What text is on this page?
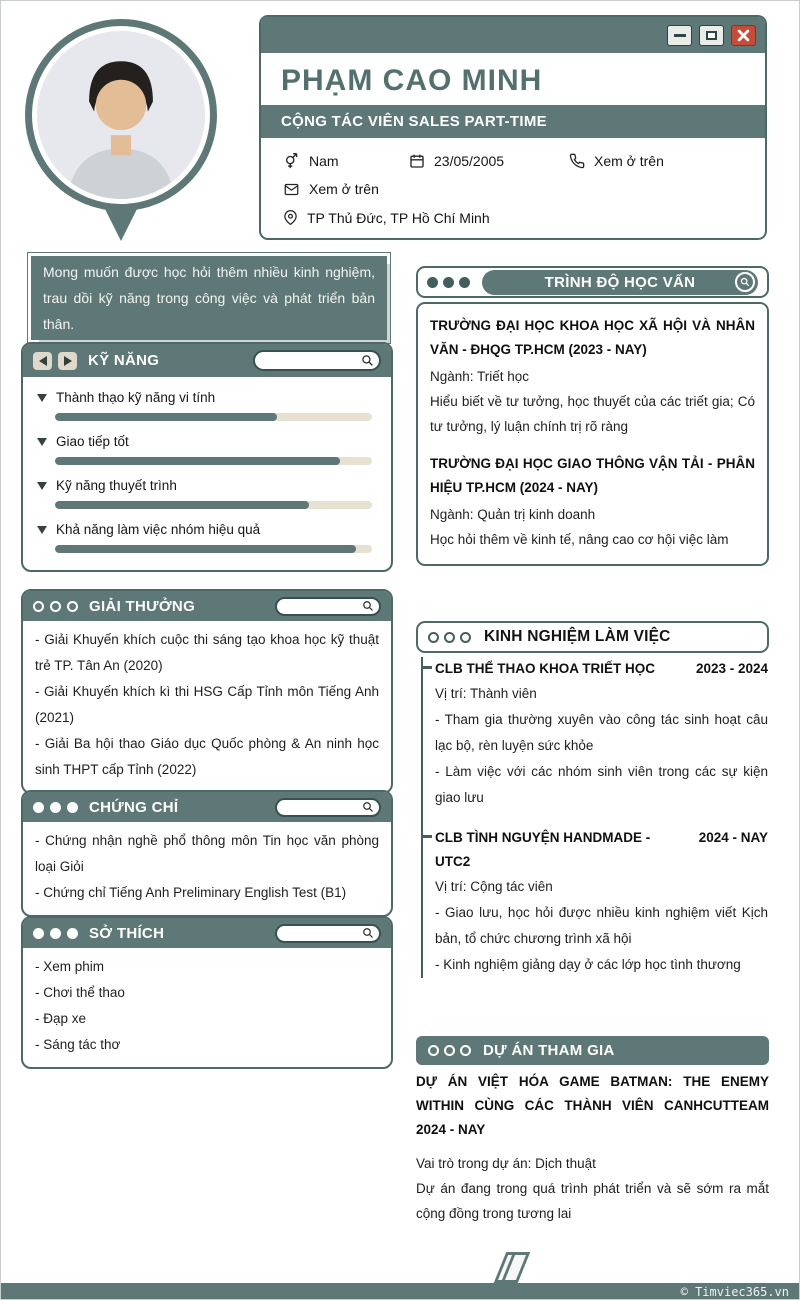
PHẠM CAO MINH
CỘNG TÁC VIÊN SALES PART-TIME
Nam	23/05/2005	Xem ở trên
Xem ở trên
TP Thủ Đức, TP Hồ Chí Minh

Mong muốn được học hỏi thêm nhiều kinh nghiệm, trau dồi kỹ năng trong công việc và phát triển bản thân.

KỸ NĂNG
Thành thạo kỹ năng vi tính
Giao tiếp tốt
Kỹ năng thuyết trình
Khả năng làm việc nhóm hiệu quả
GIẢI THƯỞNG

- Giải Khuyến khích cuộc thi sáng tạo khoa học kỹ thuật trẻ TP. Tân An (2020)

- Giải Khuyến khích kì thi HSG Cấp Tỉnh môn Tiếng Anh (2021)

- Giải Ba hội thao Giáo dục Quốc phòng & An ninh học sinh THPT cấp Tỉnh (2022)

CHỨNG CHỈ

- Chứng nhận nghề phổ thông môn Tin học văn phòng loại Giỏi

- Chứng chỉ Tiếng Anh Preliminary English Test (B1)

SỞ THÍCH

- Xem phim

- Chơi thể thao

- Đạp xe

- Sáng tác thơ

TRÌNH ĐỘ HỌC VẤN
TRƯỜNG ĐẠI HỌC KHOA HỌC XÃ HỘI VÀ NHÂN VĂN - ĐHQG TP.HCM (2023 - NAY)
Ngành: Triết học
Hiểu biết về tư tưởng, học thuyết của các triết gia; Có tư tưởng, lý luận chính trị rõ ràng
TRƯỜNG ĐẠI HỌC GIAO THÔNG VẬN TẢI - PHÂN HIỆU TP.HCM (2024 - NAY)
Ngành: Quản trị kinh doanh
Học hỏi thêm về kinh tế, nâng cao cơ hội việc làm
KINH NGHIỆM LÀM VIỆC
CLB THỂ THAO KHOA TRIẾT HỌC	2023 - 2024
Vị trí: Thành viên
- Tham gia thường xuyên vào công tác sinh hoạt câu lạc bộ, rèn luyện sức khỏe
- Làm việc với các nhóm sinh viên trong các sự kiện giao lưu
CLB TÌNH NGUYỆN HANDMADE - UTC2
2024 - NAY
Vị trí: Cộng tác viên
- Giao lưu, học hỏi được nhiều kinh nghiệm viết Kịch bản, tổ chức chương trình xã hội
- Kinh nghiệm giảng dạy ở các lớp học tình thương
DỰ ÁN THAM GIA
DỰ ÁN VIỆT HÓA GAME BATMAN: THE ENEMY WITHIN CÙNG CÁC THÀNH VIÊN CANHCUTTEAM 2024 - NAY
Vai trò trong dự án: Dịch thuật
Dự án đang trong quá trình phát triển và sẽ sớm ra mắt cộng đồng trong tương lai
© Timviec365.vn
